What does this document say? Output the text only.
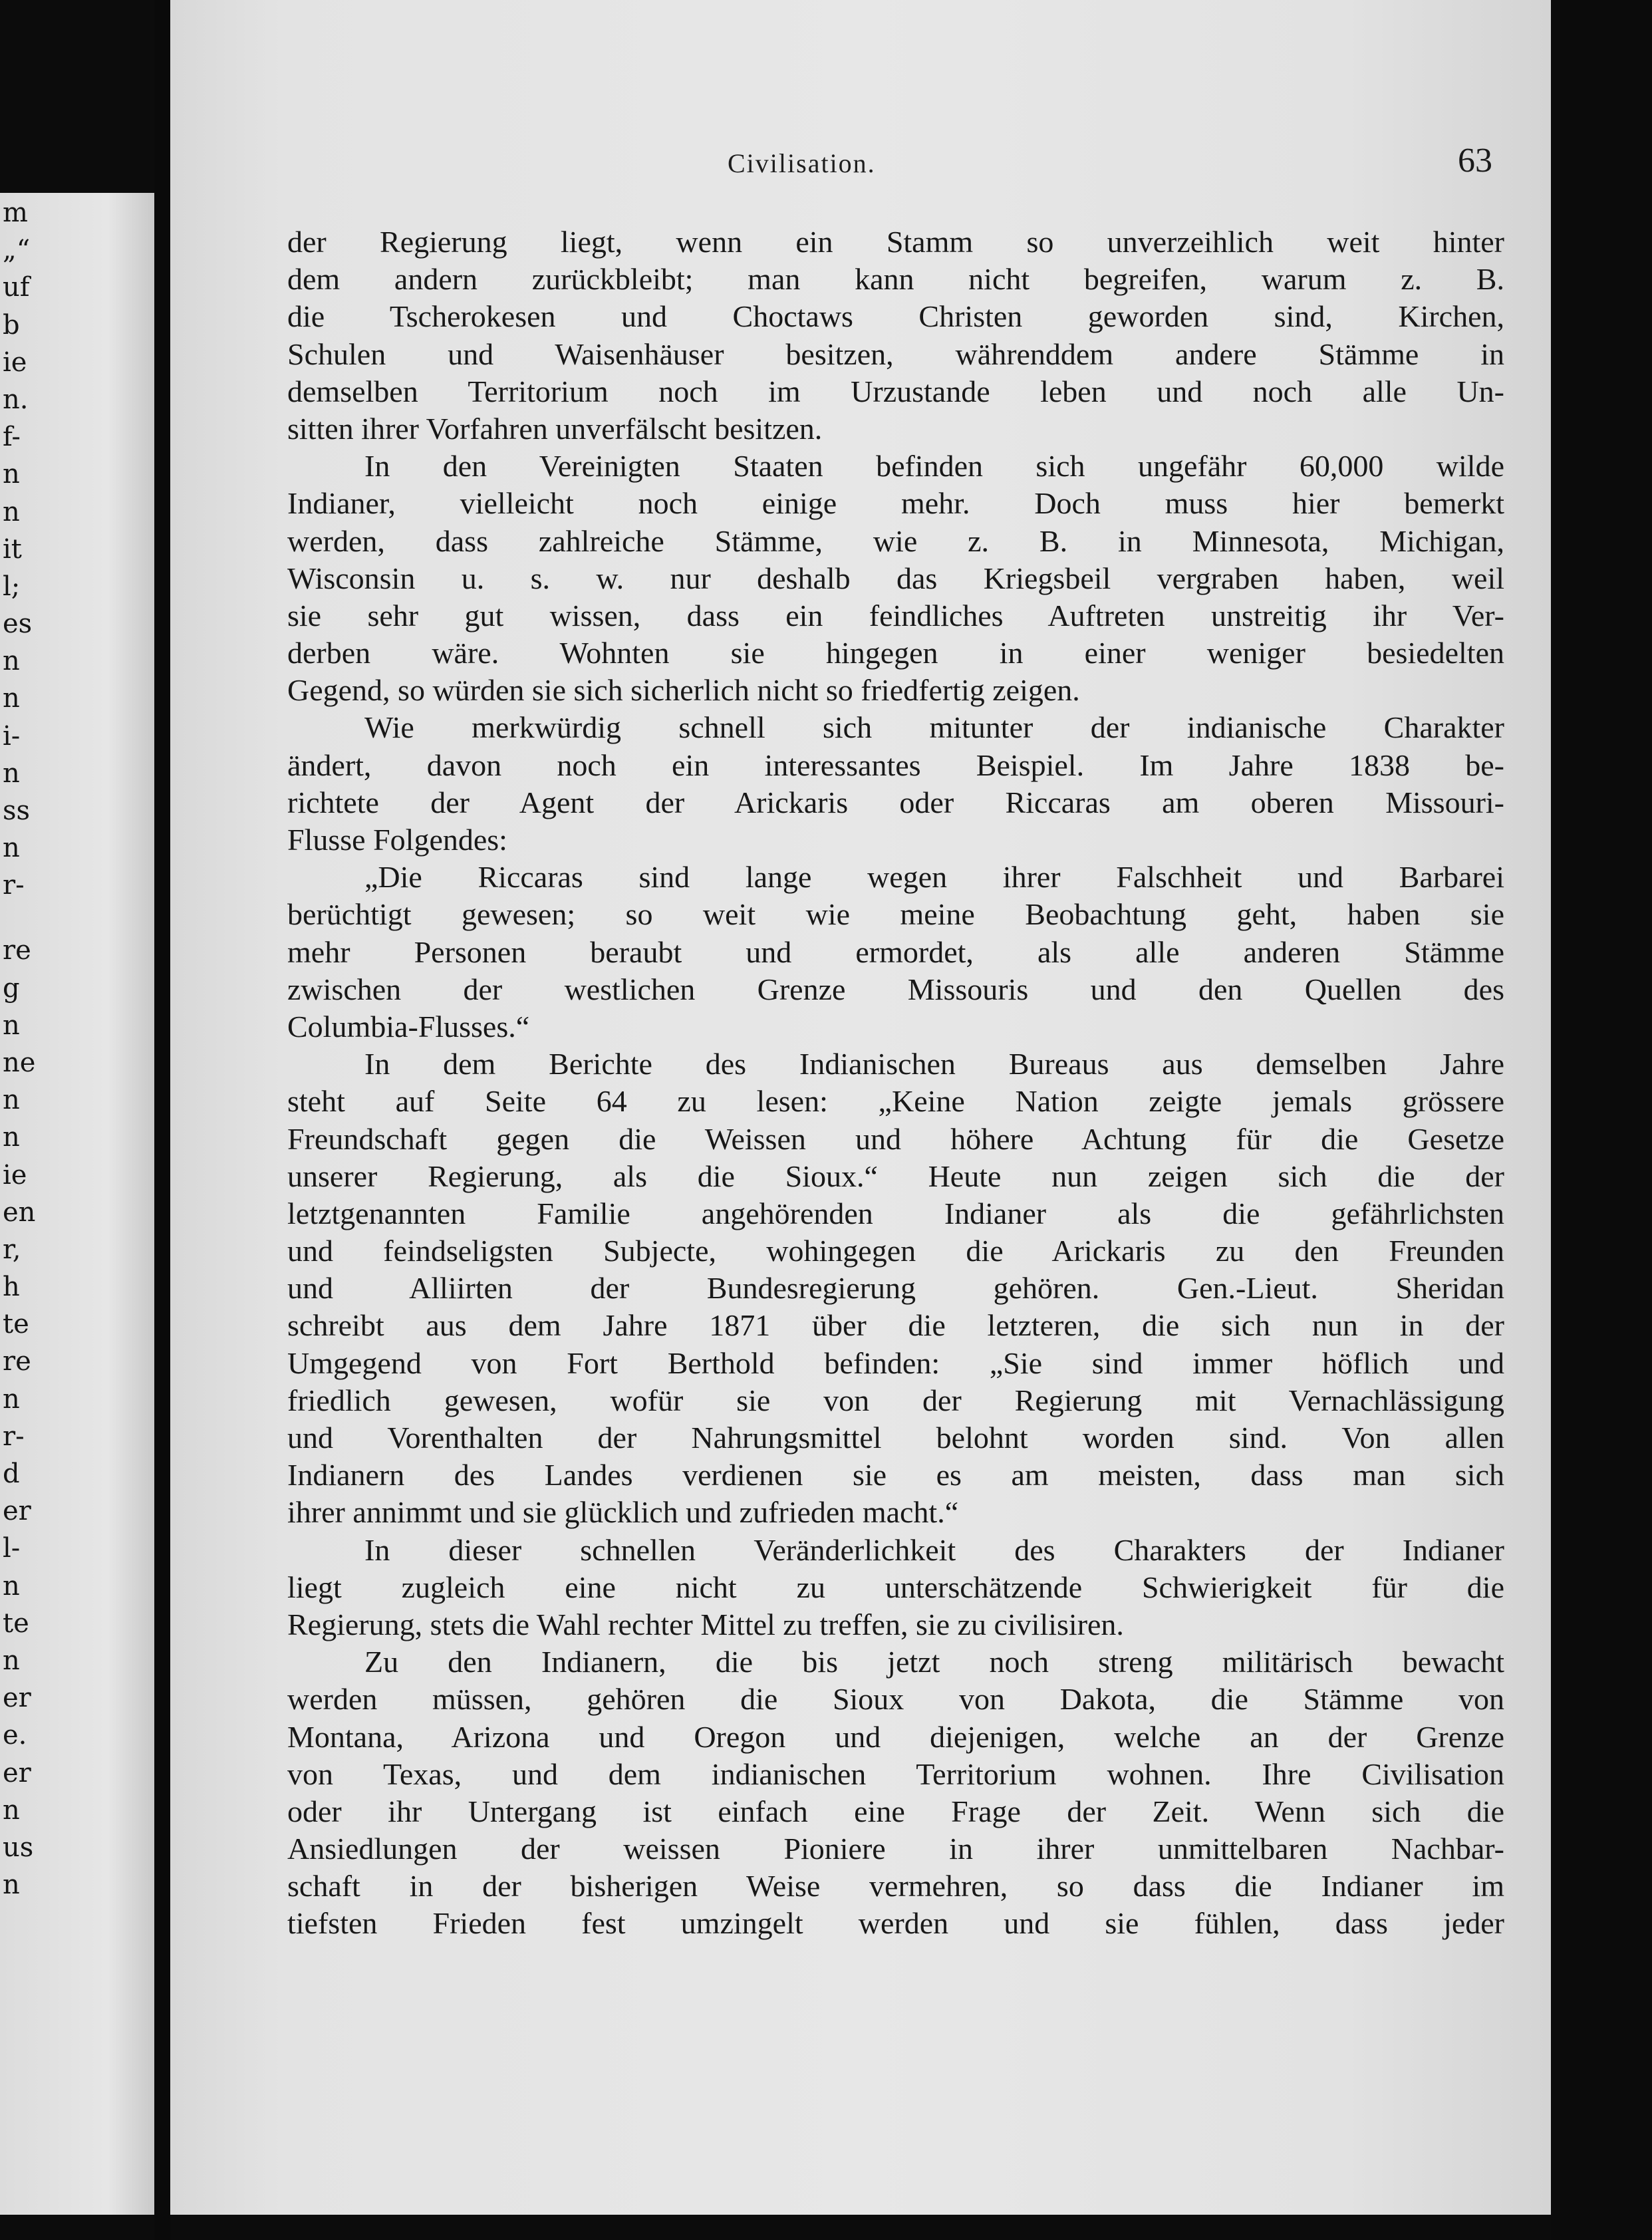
m
„“
uf
b
ie
n.
f-
n
n
it
l;
es
n
n
i-
n
ss
n
r-
re
g
n
ne
n
n
ie
en
r,
h
te
re
n
r-
d
er
l-
n
te
n
er
e.
er
n
us
n
Civilisation.	63
der Regierung liegt, wenn ein Stamm so unverzeihlich weit hinter
dem andern zurückbleibt; man kann nicht begreifen, warum z. B.
die Tscherokesen und Choctaws Christen geworden sind, Kirchen,
Schulen und Waisenhäuser besitzen, währenddem andere Stämme in
demselben Territorium noch im Urzustande leben und noch alle Un-
sitten ihrer Vorfahren unverfälscht besitzen.
In den Vereinigten Staaten befinden sich ungefähr 60,000 wilde
Indianer, vielleicht noch einige mehr. Doch muss hier bemerkt
werden, dass zahlreiche Stämme, wie z. B. in Minnesota, Michigan,
Wisconsin u. s. w. nur deshalb das Kriegsbeil vergraben haben, weil
sie sehr gut wissen, dass ein feindliches Auftreten unstreitig ihr Ver-
derben wäre. Wohnten sie hingegen in einer weniger besiedelten
Gegend, so würden sie sich sicherlich nicht so friedfertig zeigen.
Wie merkwürdig schnell sich mitunter der indianische Charakter
ändert, davon noch ein interessantes Beispiel. Im Jahre 1838 be-
richtete der Agent der Arickaris oder Riccaras am oberen Missouri-
Flusse Folgendes:
„Die Riccaras sind lange wegen ihrer Falschheit und Barbarei
berüchtigt gewesen; so weit wie meine Beobachtung geht, haben sie
mehr Personen beraubt und ermordet, als alle anderen Stämme
zwischen der westlichen Grenze Missouris und den Quellen des
Columbia-Flusses.“
In dem Berichte des Indianischen Bureaus aus demselben Jahre
steht auf Seite 64 zu lesen: „Keine Nation zeigte jemals grössere
Freundschaft gegen die Weissen und höhere Achtung für die Gesetze
unserer Regierung, als die Sioux.“ Heute nun zeigen sich die der
letztgenannten Familie angehörenden Indianer als die gefährlichsten
und feindseligsten Subjecte, wohingegen die Arickaris zu den Freunden
und Alliirten der Bundesregierung gehören. Gen.-Lieut. Sheridan
schreibt aus dem Jahre 1871 über die letzteren, die sich nun in der
Umgegend von Fort Berthold befinden: „Sie sind immer höflich und
friedlich gewesen, wofür sie von der Regierung mit Vernachlässigung
und Vorenthalten der Nahrungsmittel belohnt worden sind. Von allen
Indianern des Landes verdienen sie es am meisten, dass man sich
ihrer annimmt und sie glücklich und zufrieden macht.“
In dieser schnellen Veränderlichkeit des Charakters der Indianer
liegt zugleich eine nicht zu unterschätzende Schwierigkeit für die
Regierung, stets die Wahl rechter Mittel zu treffen, sie zu civilisiren.
Zu den Indianern, die bis jetzt noch streng militärisch bewacht
werden müssen, gehören die Sioux von Dakota, die Stämme von
Montana, Arizona und Oregon und diejenigen, welche an der Grenze
von Texas, und dem indianischen Territorium wohnen. Ihre Civilisation
oder ihr Untergang ist einfach eine Frage der Zeit. Wenn sich die
Ansiedlungen der weissen Pioniere in ihrer unmittelbaren Nachbar-
schaft in der bisherigen Weise vermehren, so dass die Indianer im
tiefsten Frieden fest umzingelt werden und sie fühlen, dass jeder
